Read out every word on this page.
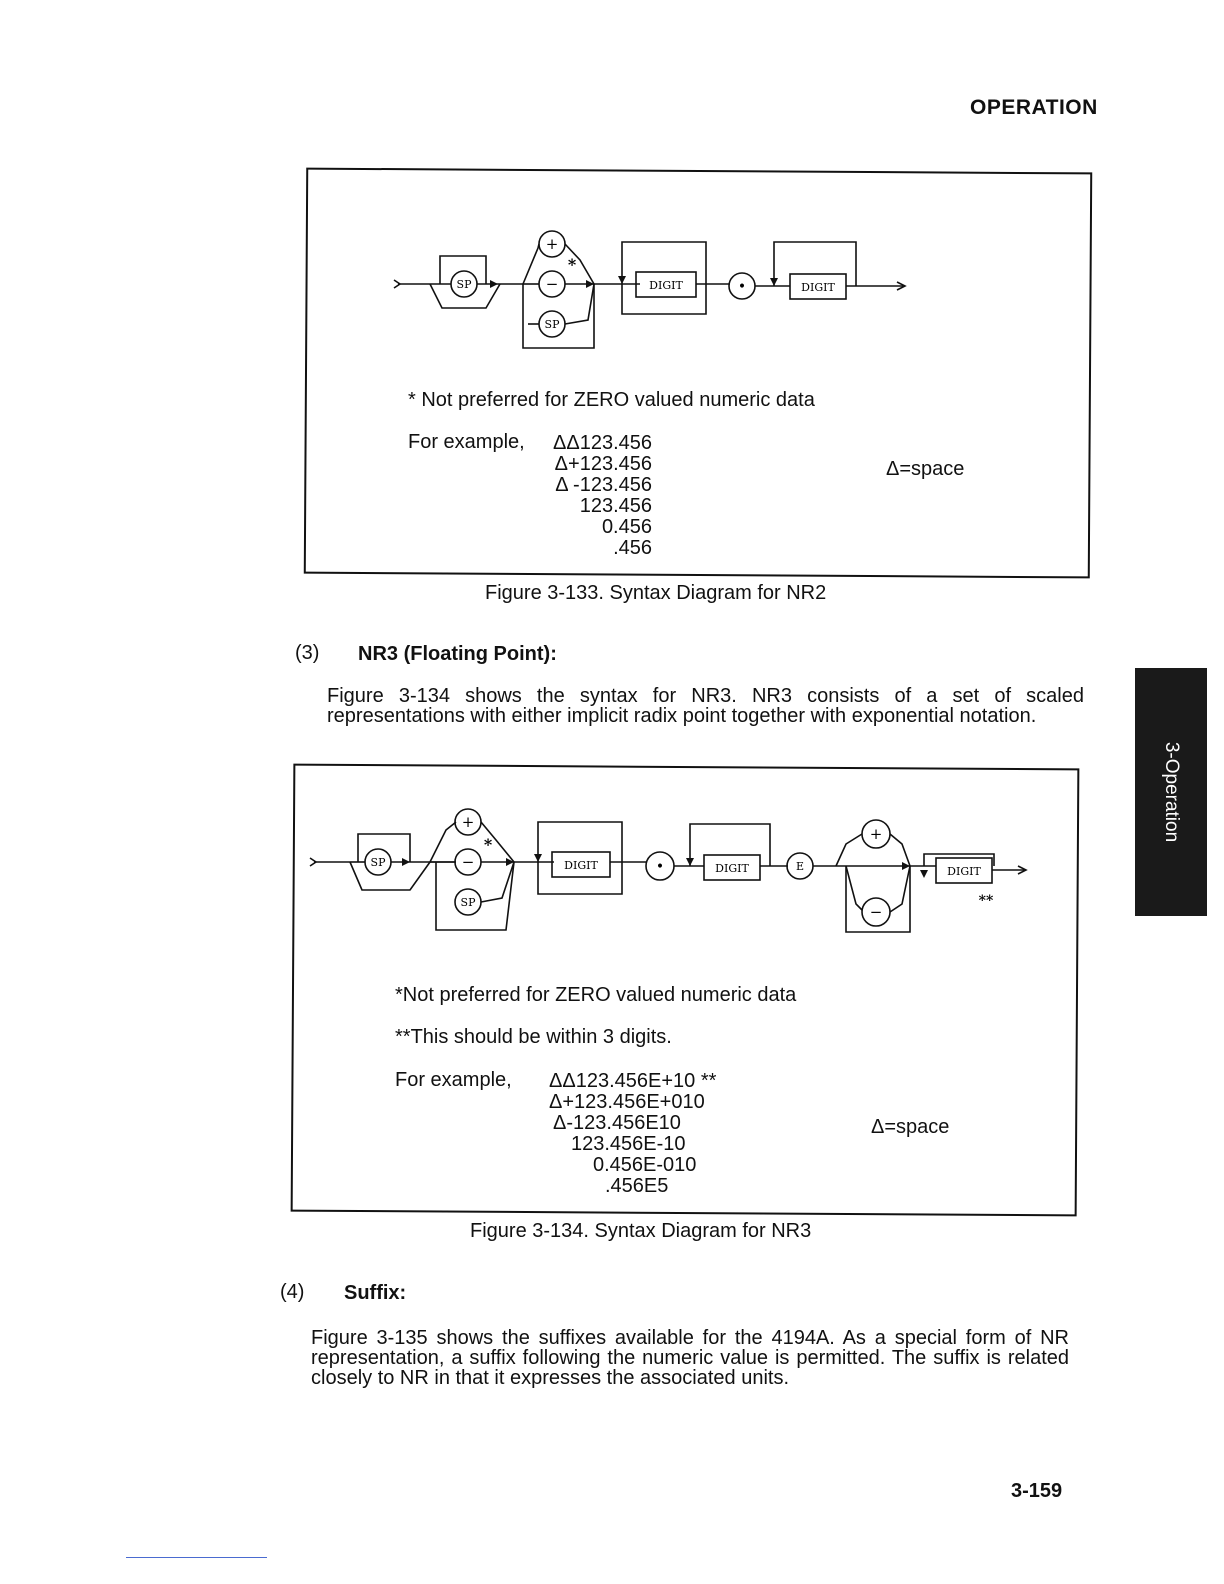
OPERATION
SP
+
−
SP
*
DIGIT	•	DIGIT
* Not preferred for ZERO valued numeric data
For example,	ΔΔ123.456
Δ+123.456
Δ -123.456
123.456
0.456
.456
Δ=space
Figure 3-133. Syntax Diagram for NR2
(3) NR3 (Floating Point):
Figure 3-134 shows the syntax for NR3. NR3 consists of a set of scaled representations with either implicit radix point together with exponential notation.
SP
+
−
SP
*
DIGIT	•	DIGIT	E
+
−
DIGIT
**
*Not preferred for ZERO valued numeric data
**This should be within 3 digits.
For example, ΔΔ123.456E+10 **
Δ+123.456E+010
Δ-123.456E10
123.456E-10
0.456E-010
.456E5
Δ=space
Figure 3-134. Syntax Diagram for NR3
(4) Suffix:
Figure 3-135 shows the suffixes available for the 4194A. As a special form of NR representation, a suffix following the numeric value is permitted. The suffix is related closely to NR in that it expresses the associated units.
3-Operation
3-159
